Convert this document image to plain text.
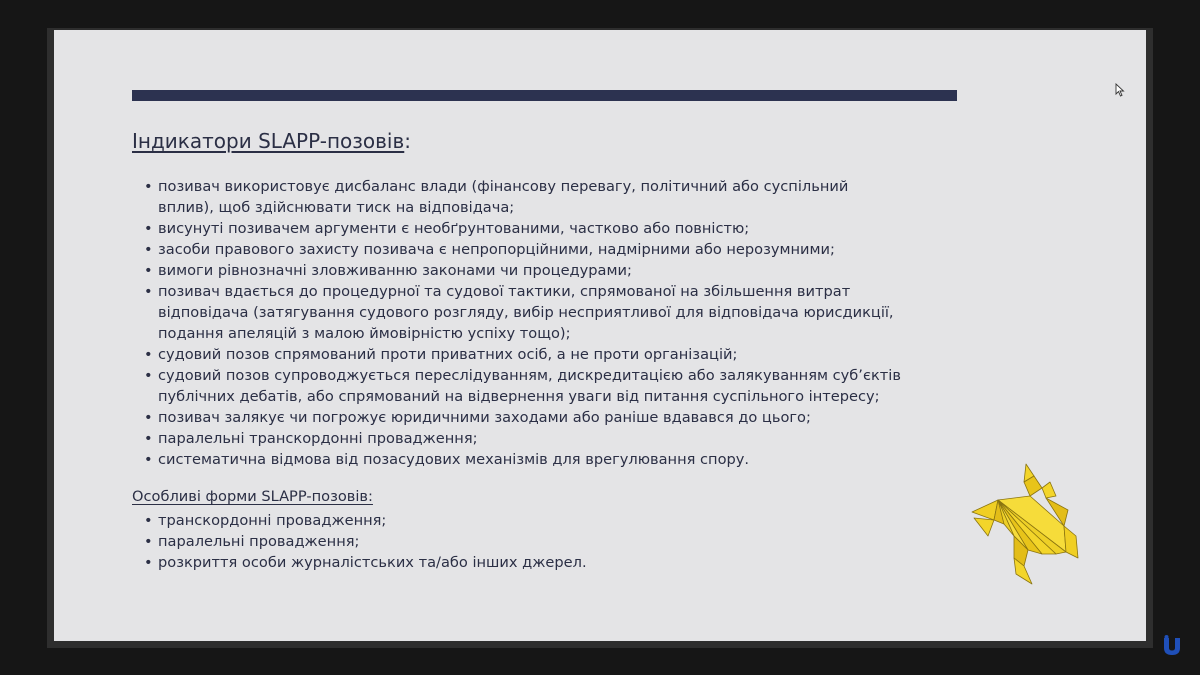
Індикатори SLAPP-позовів:
• позивач використовує дисбаланс влади (фінансову перевагу, політичний або суспільний
вплив), щоб здійснювати тиск на відповідача;
• висунуті позивачем аргументи є необґрунтованими, частково або повністю;
• засоби правового захисту позивача є непропорційними, надмірними або нерозумними;
• вимоги рівнозначні зловживанню законами чи процедурами;
• позивач вдається до процедурної та судової тактики, спрямованої на збільшення витрат
відповідача (затягування судового розгляду, вибір несприятливої для відповідача юрисдикції,
подання апеляцій з малою ймовірністю успіху тощо);
• судовий позов спрямований проти приватних осіб, а не проти організацій;
• судовий позов супроводжується переслідуванням, дискредитацією або залякуванням суб’єктів
публічних дебатів, або спрямований на відвернення уваги від питання суспільного інтересу;
• позивач залякує чи погрожує юридичними заходами або раніше вдавався до цього;
• паралельні транскордонні провадження;
• систематична відмова від позасудових механізмів для врегулювання спору.
Особливі форми SLAPP-позовів:
• транскордонні провадження;
• паралельні провадження;
• розкриття особи журналістських та/або інших джерел.
